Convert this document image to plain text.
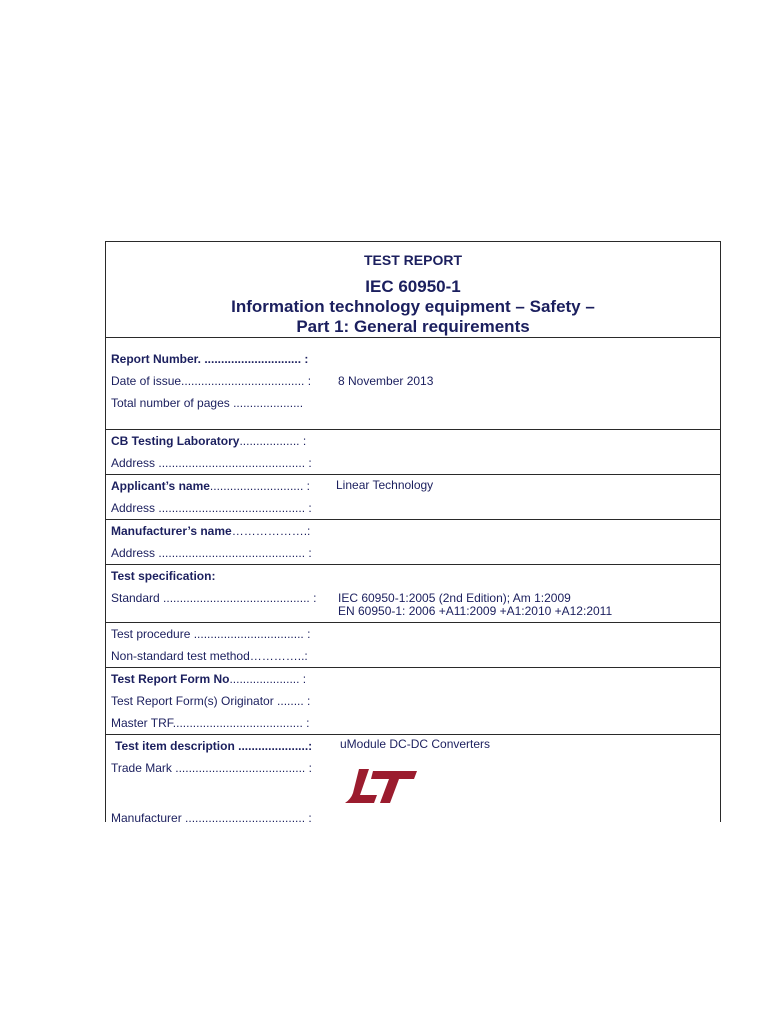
TEST REPORT
IEC 60950-1
Information technology equipment – Safety –
Part 1: General requirements
Report Number. ............................. :
Date of issue..................................... : 8 November 2013
Total number of pages .....................
CB Testing Laboratory.................. :
Address ............................................ :
Applicant’s name............................ : Linear Technology
Address ............................................ :
Manufacturer’s name……………….:
Address ............................................ :
Test specification:
Standard ............................................ : IEC 60950-1:2005 (2nd Edition); Am 1:2009
EN 60950-1: 2006 +A11:2009 +A1:2010 +A12:2011
Test procedure ................................. :
Non-standard test method…………..:
Test Report Form No..................... :
Test Report Form(s) Originator ........ :
Master TRF....................................... :
Test item description .....................: uModule DC-DC Converters
Trade Mark ....................................... :
Manufacturer .................................... :
